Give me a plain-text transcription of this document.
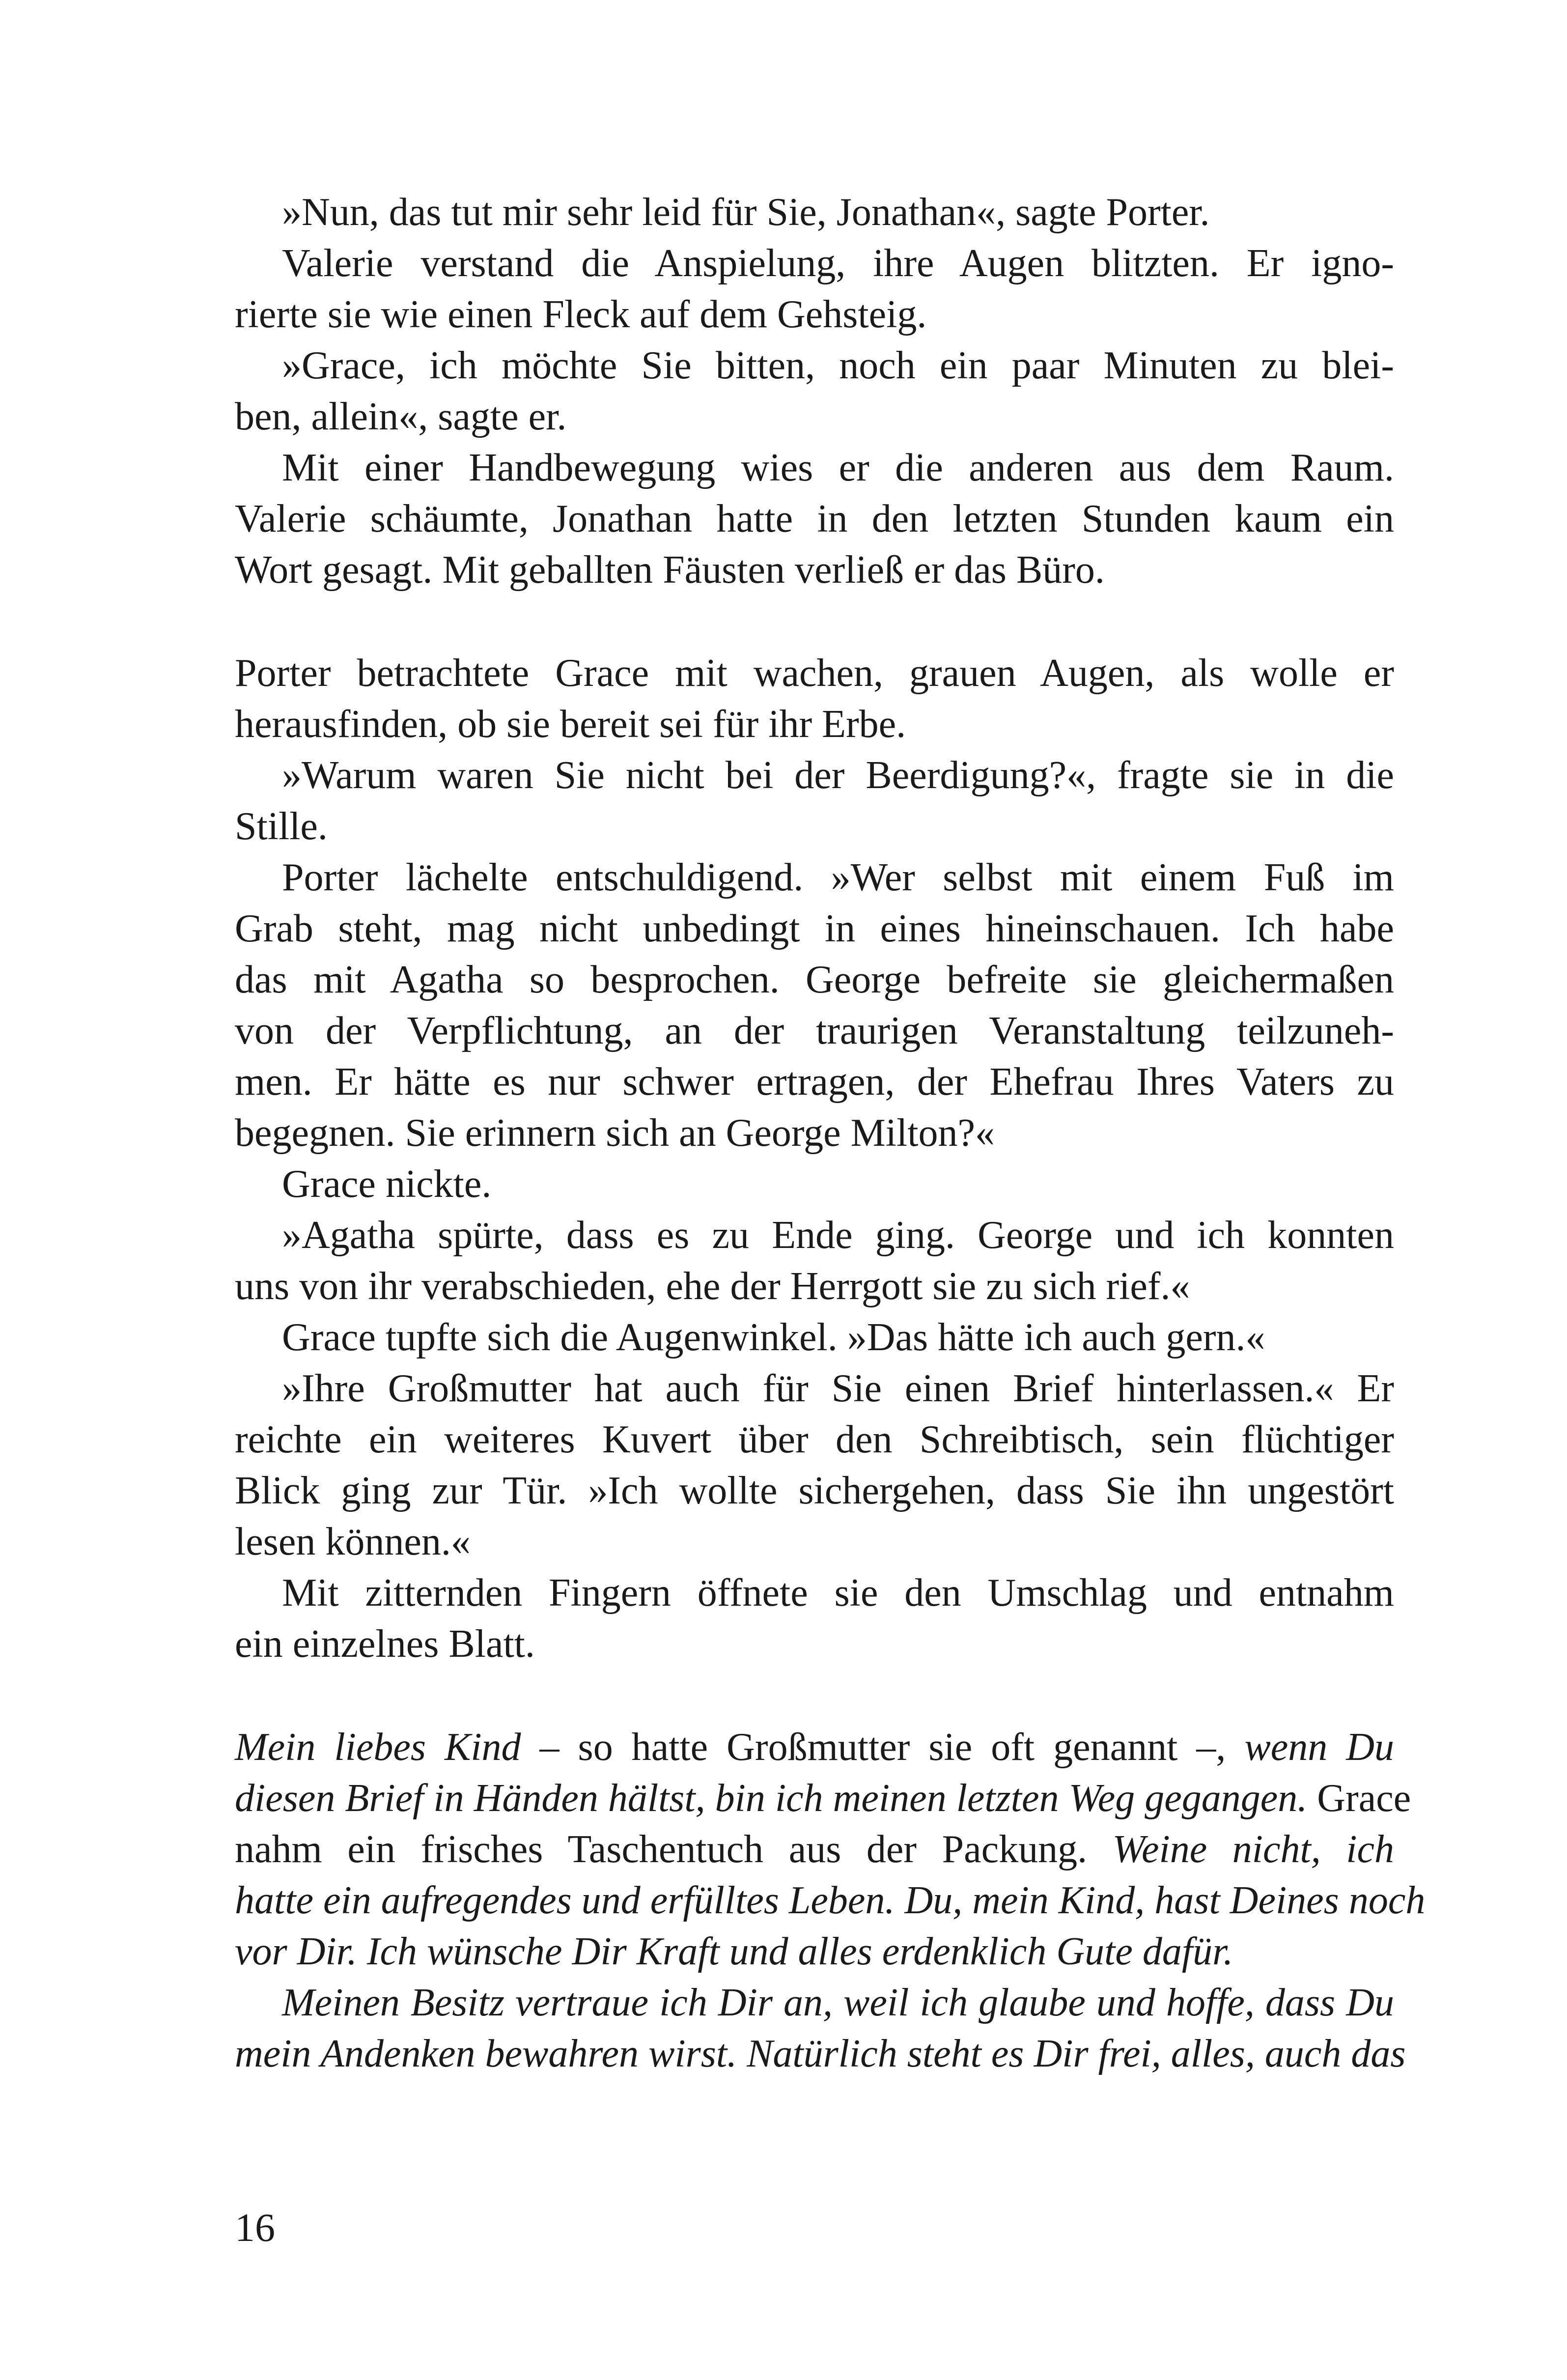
»Nun, das tut mir sehr leid für Sie, Jonathan«, sagte Porter.
Valerie verstand die Anspielung, ihre Augen blitzten. Er igno-
rierte sie wie einen Fleck auf dem Gehsteig.
»Grace, ich möchte Sie bitten, noch ein paar Minuten zu blei-
ben, allein«, sagte er.
Mit einer Handbewegung wies er die anderen aus dem Raum.
Valerie schäumte, Jonathan hatte in den letzten Stunden kaum ein
Wort gesagt. Mit geballten Fäusten verließ er das Büro.
Porter betrachtete Grace mit wachen, grauen Augen, als wolle er
herausfinden, ob sie bereit sei für ihr Erbe.
»Warum waren Sie nicht bei der Beerdigung?«, fragte sie in die
Stille.
Porter lächelte entschuldigend. »Wer selbst mit einem Fuß im
Grab steht, mag nicht unbedingt in eines hineinschauen. Ich habe
das mit Agatha so besprochen. George befreite sie gleichermaßen
von der Verpflichtung, an der traurigen Veranstaltung teilzuneh-
men. Er hätte es nur schwer ertragen, der Ehefrau Ihres Vaters zu
begegnen. Sie erinnern sich an George Milton?«
Grace nickte.
»Agatha spürte, dass es zu Ende ging. George und ich konnten
uns von ihr verabschieden, ehe der Herrgott sie zu sich rief.«
Grace tupfte sich die Augenwinkel. »Das hätte ich auch gern.«
»Ihre Großmutter hat auch für Sie einen Brief hinterlassen.« Er
reichte ein weiteres Kuvert über den Schreibtisch, sein flüchtiger
Blick ging zur Tür. »Ich wollte sichergehen, dass Sie ihn ungestört
lesen können.«
Mit zitternden Fingern öffnete sie den Umschlag und entnahm
ein einzelnes Blatt.
Mein liebes Kind – so hatte Großmutter sie oft genannt –, wenn Du
diesen Brief in Händen hältst, bin ich meinen letzten Weg gegangen. Grace
nahm ein frisches Taschentuch aus der Packung. Weine nicht, ich
hatte ein aufregendes und erfülltes Leben. Du, mein Kind, hast Deines noch
vor Dir. Ich wünsche Dir Kraft und alles erdenklich Gute dafür.
Meinen Besitz vertraue ich Dir an, weil ich glaube und hoffe, dass Du
mein Andenken bewahren wirst. Natürlich steht es Dir frei, alles, auch das
16
